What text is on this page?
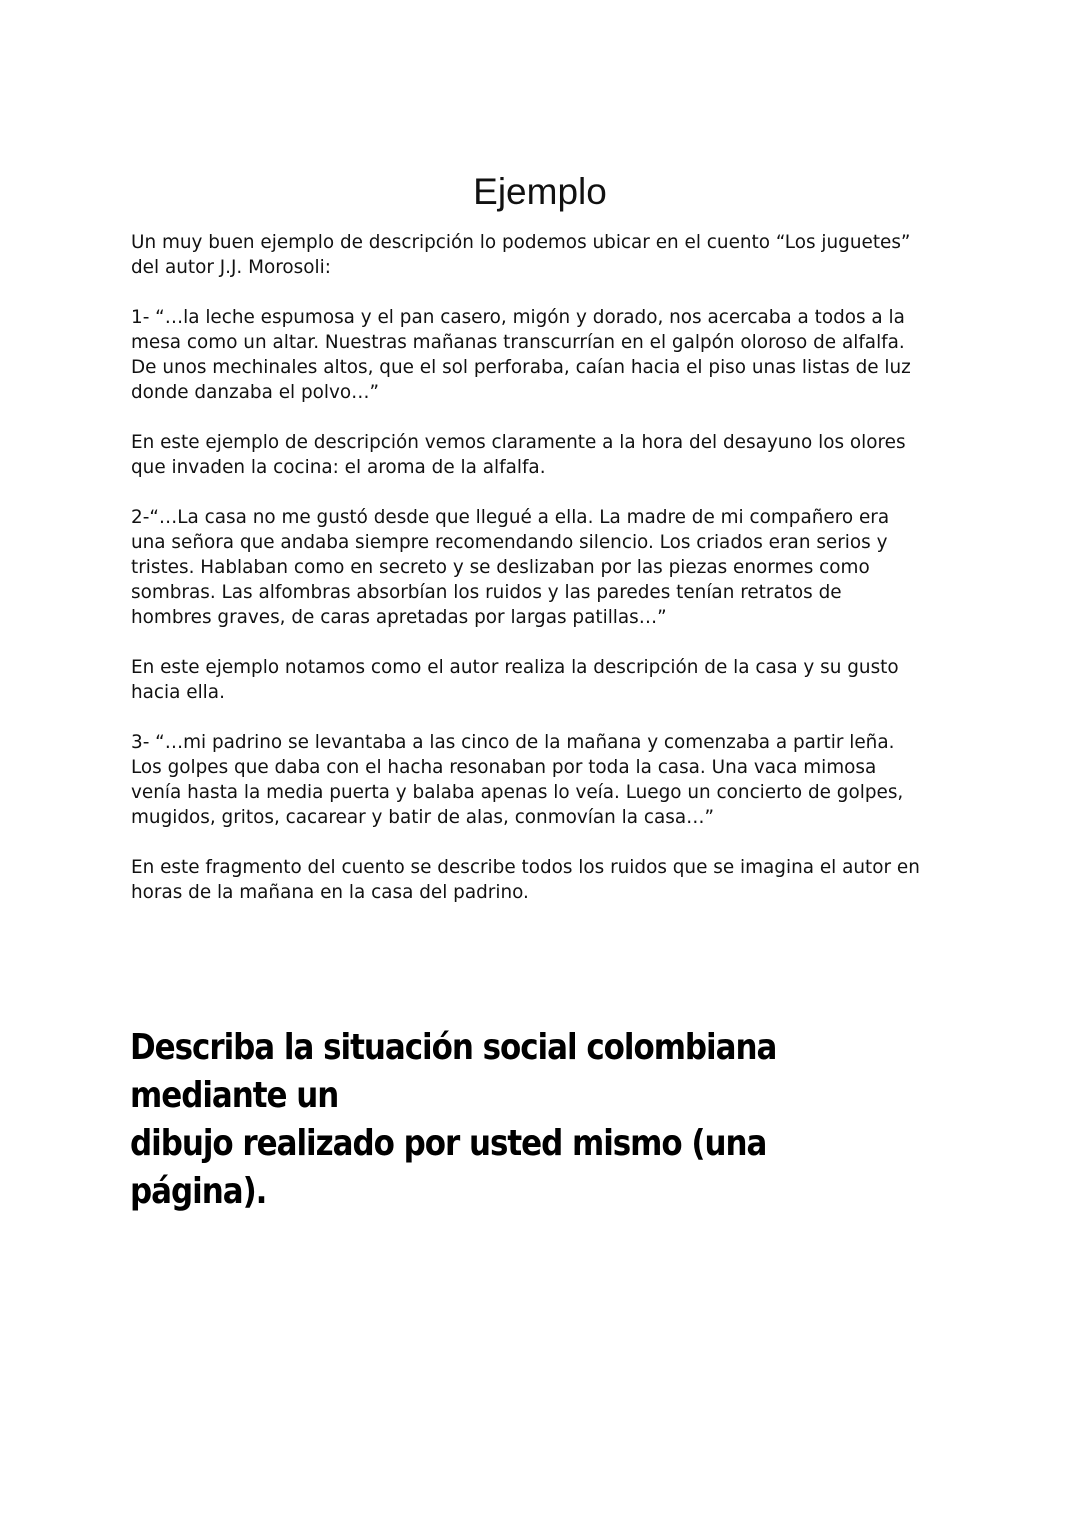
Ejemplo

Un muy buen ejemplo de descripción lo podemos ubicar en el cuento “Los juguetes”
del autor J.J. Morosoli:

1- “…la leche espumosa y el pan casero, migón y dorado, nos acercaba a todos a la
mesa como un altar. Nuestras mañanas transcurrían en el galpón oloroso de alfalfa.
De unos mechinales altos, que el sol perforaba, caían hacia el piso unas listas de luz
donde danzaba el polvo…”

En este ejemplo de descripción vemos claramente a la hora del desayuno los olores
que invaden la cocina: el aroma de la alfalfa.

2-“…La casa no me gustó desde que llegué a ella. La madre de mi compañero era
una señora que andaba siempre recomendando silencio. Los criados eran serios y
tristes. Hablaban como en secreto y se deslizaban por las piezas enormes como
sombras. Las alfombras absorbían los ruidos y las paredes tenían retratos de
hombres graves, de caras apretadas por largas patillas…”

En este ejemplo notamos como el autor realiza la descripción de la casa y su gusto
hacia ella.

3- “…mi padrino se levantaba a las cinco de la mañana y comenzaba a partir leña.
Los golpes que daba con el hacha resonaban por toda la casa. Una vaca mimosa
venía hasta la media puerta y balaba apenas lo veía. Luego un concierto de golpes,
mugidos, gritos, cacarear y batir de alas, conmovían la casa…”

En este fragmento del cuento se describe todos los ruidos que se imagina el autor en
horas de la mañana en la casa del padrino.

Describa la situación social colombiana mediante un
dibujo realizado por usted mismo (una página).
